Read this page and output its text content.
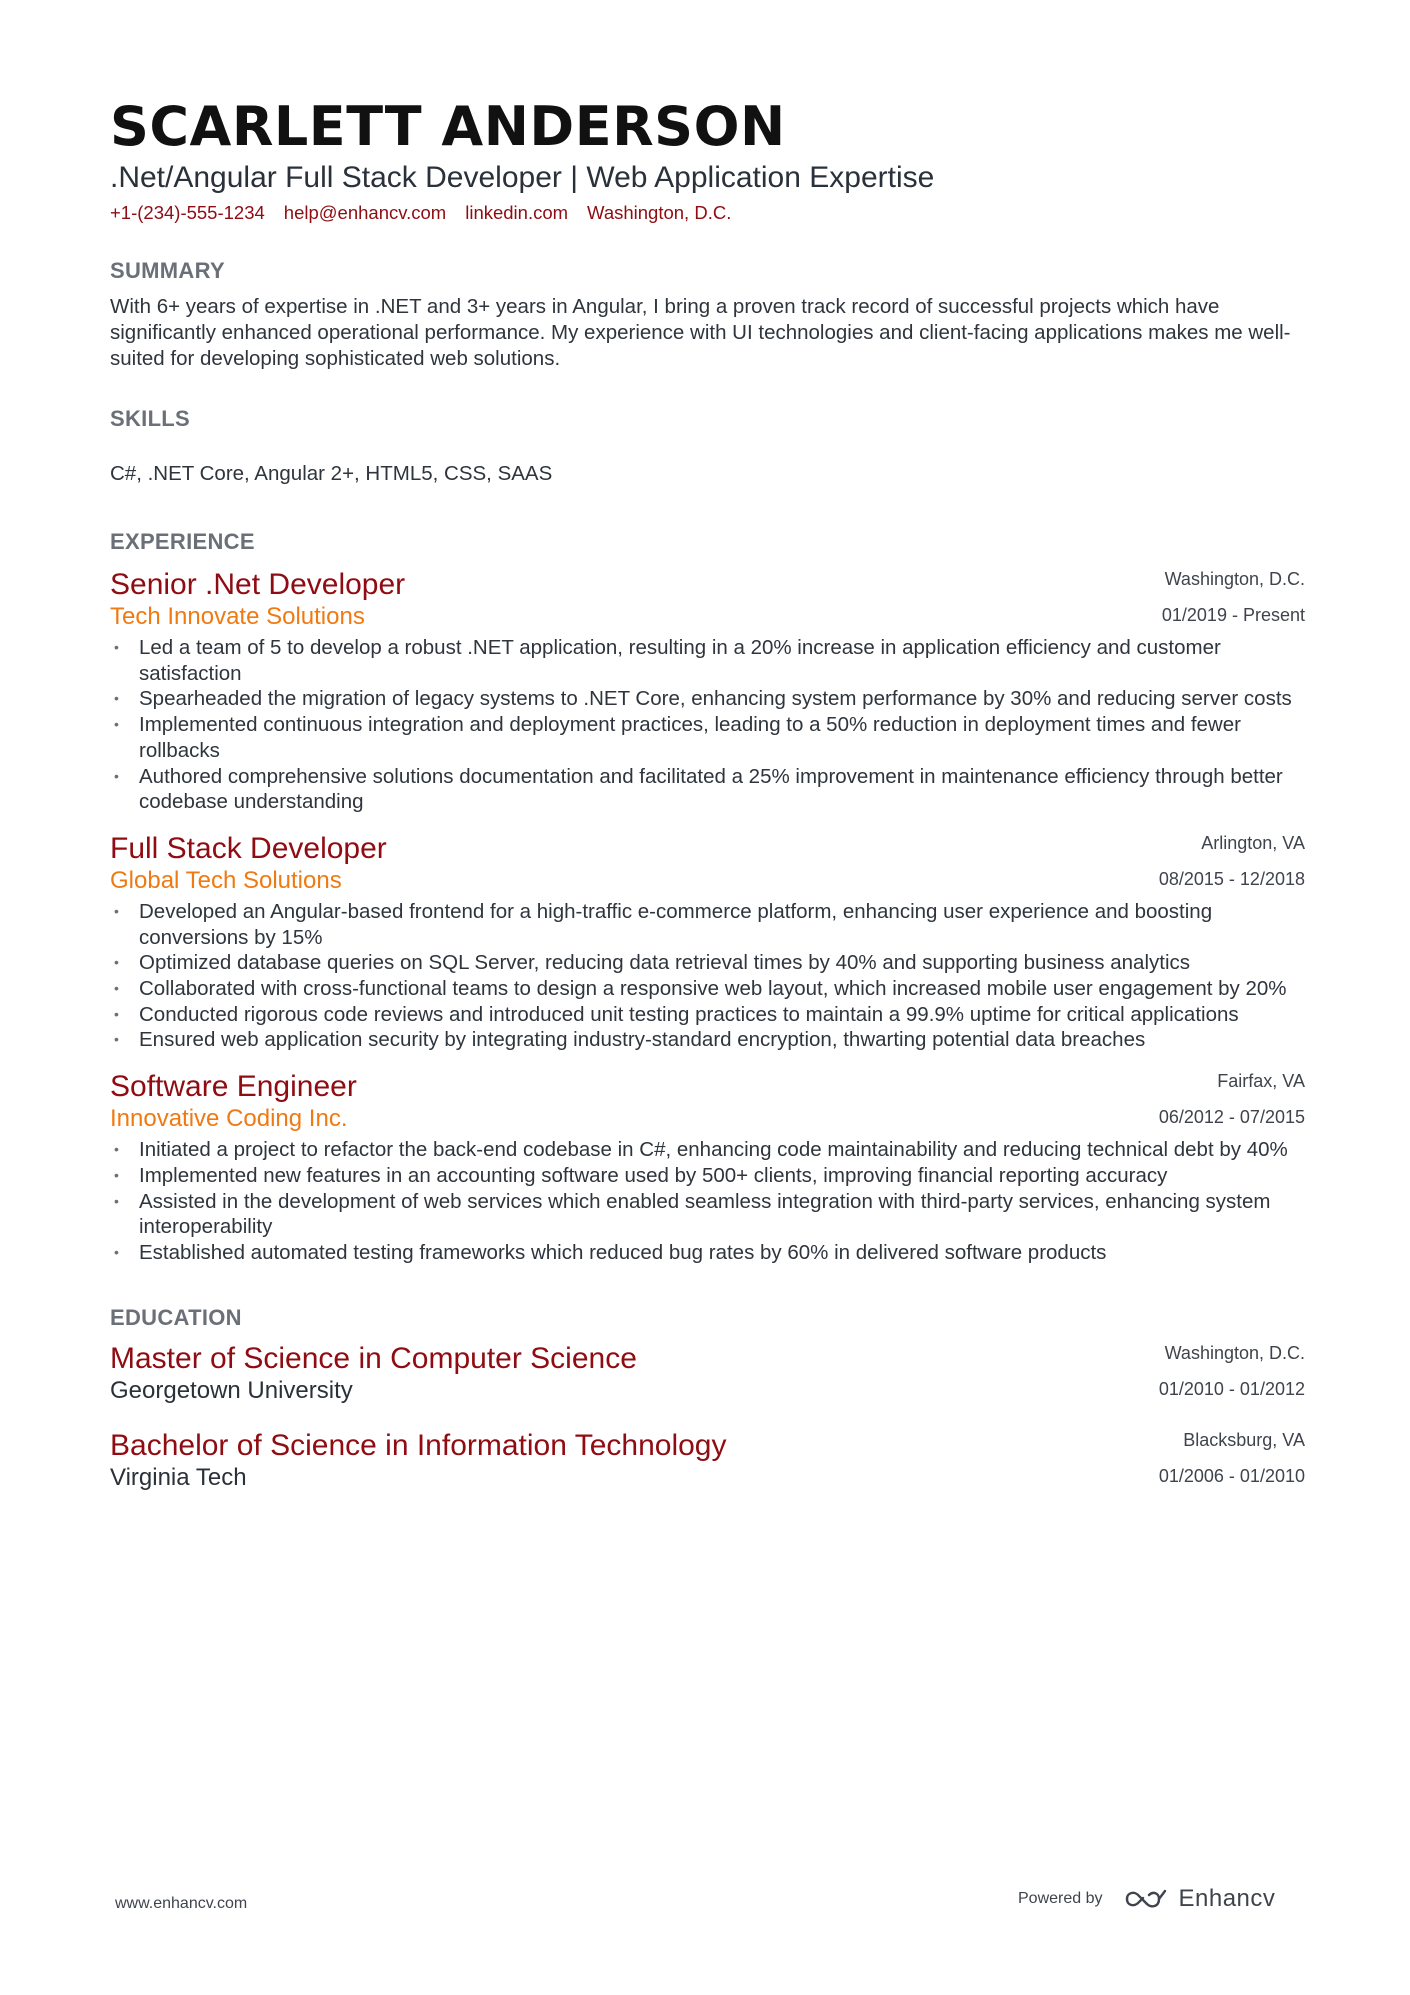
SCARLETT ANDERSON
.Net/Angular Full Stack Developer | Web Application Expertise
+1-(234)-555-1234 help@enhancv.com linkedin.com Washington, D.C.
SUMMARY
With 6+ years of expertise in .NET and 3+ years in Angular, I bring a proven track record of successful projects which have significantly enhanced operational performance. My experience with UI technologies and client-facing applications makes me well-suited for developing sophisticated web solutions.
SKILLS
C#, .NET Core, Angular 2+, HTML5, CSS, SAAS
EXPERIENCE
Senior .Net Developer
Tech Innovate Solutions
Washington, D.C.
01/2019 - Present
• Led a team of 5 to develop a robust .NET application, resulting in a 20% increase in application efficiency and customer satisfaction
• Spearheaded the migration of legacy systems to .NET Core, enhancing system performance by 30% and reducing server costs
• Implemented continuous integration and deployment practices, leading to a 50% reduction in deployment times and fewer rollbacks
• Authored comprehensive solutions documentation and facilitated a 25% improvement in maintenance efficiency through better codebase understanding
Full Stack Developer
Global Tech Solutions
Arlington, VA
08/2015 - 12/2018
• Developed an Angular-based frontend for a high-traffic e-commerce platform, enhancing user experience and boosting conversions by 15%
• Optimized database queries on SQL Server, reducing data retrieval times by 40% and supporting business analytics
• Collaborated with cross-functional teams to design a responsive web layout, which increased mobile user engagement by 20%
• Conducted rigorous code reviews and introduced unit testing practices to maintain a 99.9% uptime for critical applications
• Ensured web application security by integrating industry-standard encryption, thwarting potential data breaches
Software Engineer
Innovative Coding Inc.
Fairfax, VA
06/2012 - 07/2015
• Initiated a project to refactor the back-end codebase in C#, enhancing code maintainability and reducing technical debt by 40%
• Implemented new features in an accounting software used by 500+ clients, improving financial reporting accuracy
• Assisted in the development of web services which enabled seamless integration with third-party services, enhancing system interoperability
• Established automated testing frameworks which reduced bug rates by 60% in delivered software products
EDUCATION
Master of Science in Computer Science
Georgetown University
Washington, D.C.
01/2010 - 01/2012
Bachelor of Science in Information Technology
Virginia Tech
Blacksburg, VA
01/2006 - 01/2010
www.enhancv.com	Powered by	Enhancv
